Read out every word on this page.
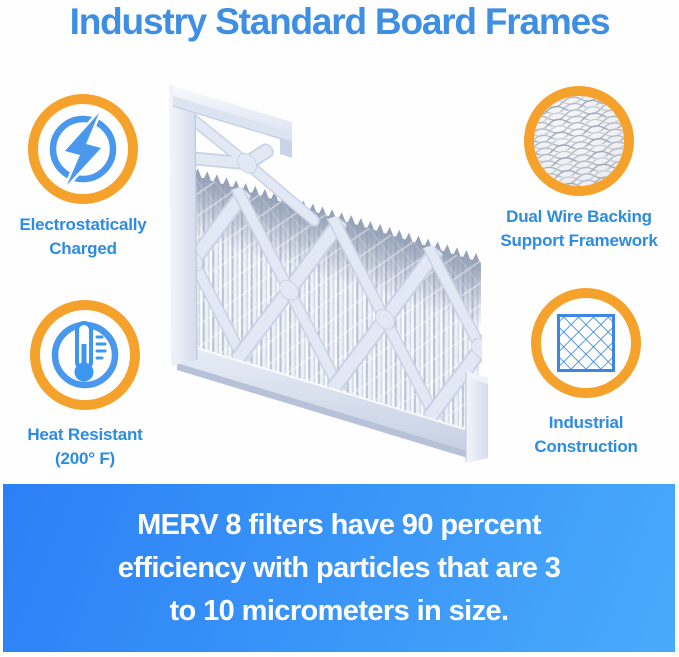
Industry Standard Board Frames

Electrostatically

Charged

Dual Wire Backing

Support Framework

Heat Resistant

(200° F)

Industrial

Construction

MERV 8 filters have 90 percent

efficiency with particles that are 3

to 10 micrometers in size.
